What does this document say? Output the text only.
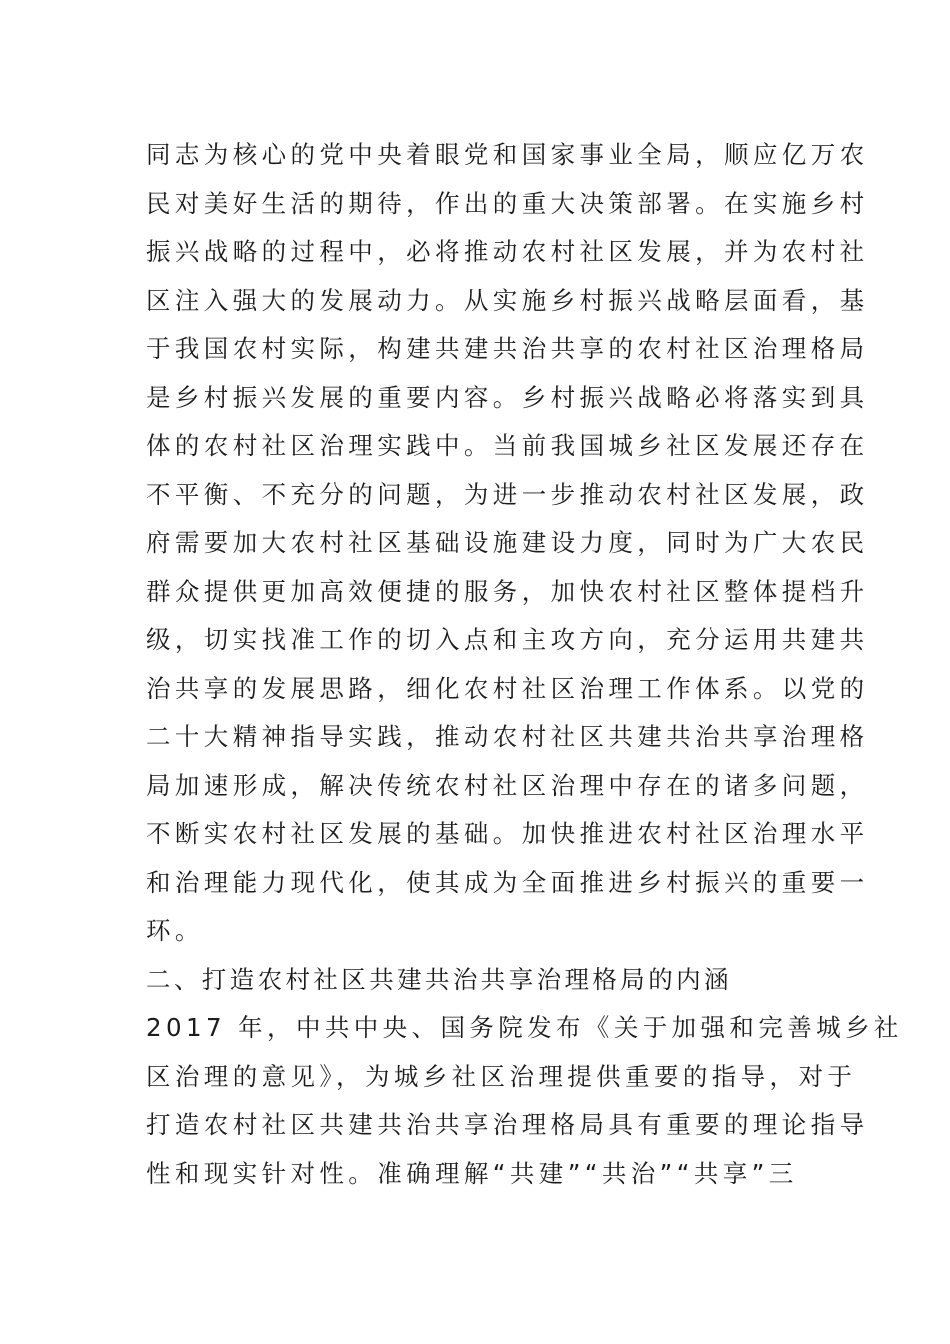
同志为核心的党中央着眼党和国家事业全局，顺应亿万农
民对美好生活的期待，作出的重大决策部署。在实施乡村
振兴战略的过程中，必将推动农村社区发展，并为农村社
区注入强大的发展动力。从实施乡村振兴战略层面看，基
于我国农村实际，构建共建共治共享的农村社区治理格局
是乡村振兴发展的重要内容。乡村振兴战略必将落实到具
体的农村社区治理实践中。当前我国城乡社区发展还存在
不平衡、不充分的问题，为进一步推动农村社区发展，政
府需要加大农村社区基础设施建设力度，同时为广大农民
群众提供更加高效便捷的服务，加快农村社区整体提档升
级，切实找准工作的切入点和主攻方向，充分运用共建共
治共享的发展思路，细化农村社区治理工作体系。以党的
二十大精神指导实践，推动农村社区共建共治共享治理格
局加速形成，解决传统农村社区治理中存在的诸多问题，
不断实农村社区发展的基础。加快推进农村社区治理水平
和治理能力现代化，使其成为全面推进乡村振兴的重要一
环。
二、打造农村社区共建共治共享治理格局的内涵
2017 年，中共中央、国务院发布《关于加强和完善城乡社
区治理的意见》，为城乡社区治理提供重要的指导，对于
打造农村社区共建共治共享治理格局具有重要的理论指导
性和现实针对性。准确理解“共建”“共治”“共享”三
